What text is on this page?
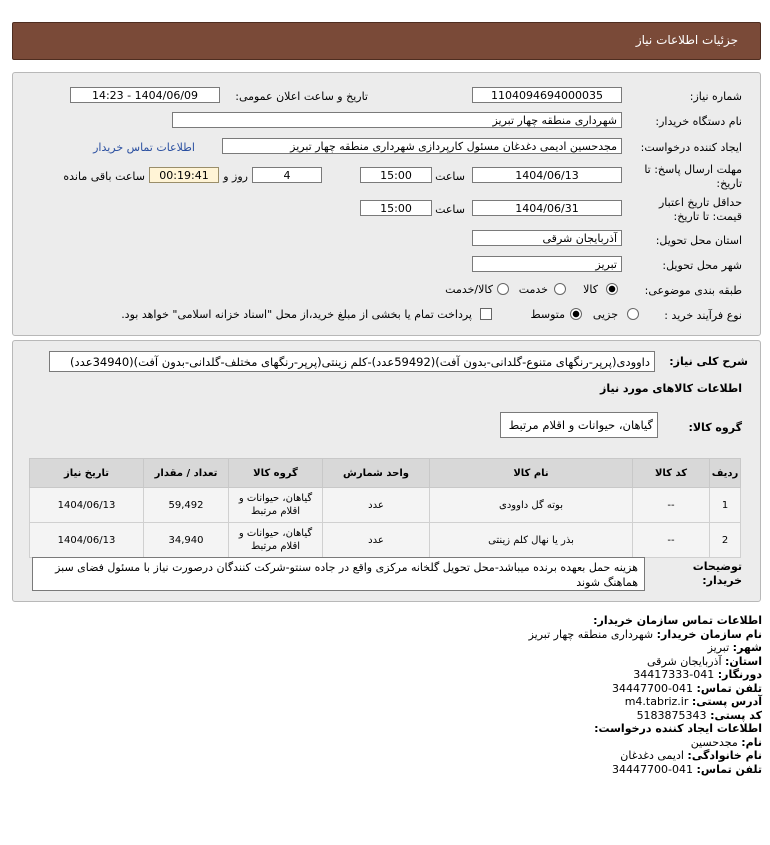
جزئیات اطلاعات نیاز
شماره نیاز:
1104094694000035
تاریخ و ساعت اعلان عمومی:
1404/06/09 - 14:23
نام دستگاه خریدار:
شهرداری منطقه چهار تبریز
ایجاد کننده درخواست:
مجدحسین ادیمی دغدغان مسئول کارپردازی شهرداری منطقه چهار تبریز
اطلاعات تماس خریدار
مهلت ارسال پاسخ: تا
تاریخ:
1404/06/13
ساعت
15:00
4
روز و
00:19:41
ساعت باقی مانده
حداقل تاریخ اعتبار
قیمت: تا تاریخ:
1404/06/31
ساعت
15:00
استان محل تحویل:
آذربایجان شرقی
شهر محل تحویل:
تبریز
طبقه بندی موضوعی:
کالا
خدمت
کالا/خدمت
نوع فرآیند خرید :
جزیی
متوسط
پرداخت تمام یا بخشی از مبلغ خرید،از محل "اسناد خزانه اسلامی" خواهد بود.
شرح کلی نیاز:
داوودی(پرپر-رنگهای متنوع-گلدانی-بدون آفت)(59492عدد)-کلم زینتی(پرپر-رنگهای مختلف-گلدانی-بدون آفت)(34940عدد)
اطلاعات کالاهای مورد نیاز
گروه کالا:
گیاهان، حیوانات و اقلام مرتبط
ردیف	کد کالا	نام کالا	واحد شمارش	گروه کالا	تعداد / مقدار	تاریخ نیاز
1	--	بوته گل داوودی	عدد	گیاهان، حیوانات و اقلام مرتبط	59,492	1404/06/13
2	--	بذر یا نهال کلم زینتی	عدد	گیاهان، حیوانات و اقلام مرتبط	34,940	1404/06/13
توضیحات
خریدار:
هزینه حمل بعهده برنده میباشد-محل تحویل گلخانه مرکزی واقع در جاده سنتو-شرکت کنندگان درصورت نیاز با مسئول فضای سبز هماهنگ شوند
اطلاعات تماس سازمان خریدار:
نام سازمان خریدار: شهرداری منطقه چهار تبریز
شهر: تبریز
استان: آذربایجان شرقی
دورنگار: 041-34417333
تلفن تماس: 041-34447700
آدرس پستی: m4.tabriz.ir
کد پستی: 5183875343
اطلاعات ایجاد کننده درخواست:
نام: مجدحسین
نام خانوادگی: ادیمی دغدغان
تلفن تماس: 041-34447700
